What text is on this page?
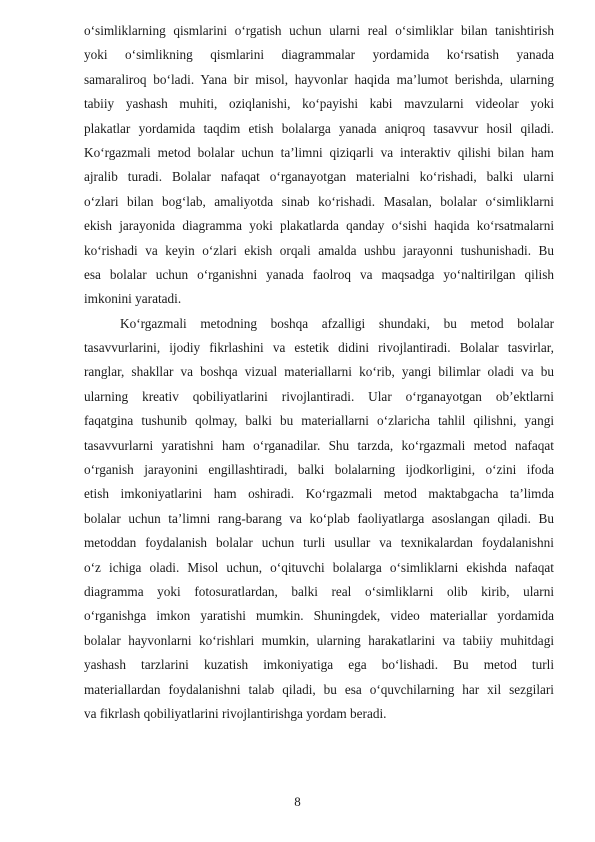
o‘simliklarning qismlarini o‘rgatish uchun ularni real o‘simliklar bilan tanishtirish
yoki o‘simlikning qismlarini diagrammalar yordamida ko‘rsatish yanada
samaraliroq bo‘ladi. Yana bir misol, hayvonlar haqida ma’lumot berishda, ularning
tabiiy yashash muhiti, oziqlanishi, ko‘payishi kabi mavzularni videolar yoki
plakatlar yordamida taqdim etish bolalarga yanada aniqroq tasavvur hosil qiladi.
Ko‘rgazmali metod bolalar uchun ta’limni qiziqarli va interaktiv qilishi bilan ham
ajralib turadi. Bolalar nafaqat o‘rganayotgan materialni ko‘rishadi, balki ularni
o‘zlari bilan bog‘lab, amaliyotda sinab ko‘rishadi. Masalan, bolalar o‘simliklarni
ekish jarayonida diagramma yoki plakatlarda qanday o‘sishi haqida ko‘rsatmalarni
ko‘rishadi va keyin o‘zlari ekish orqali amalda ushbu jarayonni tushunishadi. Bu
esa bolalar uchun o‘rganishni yanada faolroq va maqsadga yo‘naltirilgan qilish
imkonini yaratadi.
Ko‘rgazmali metodning boshqa afzalligi shundaki, bu metod bolalar
tasavvurlarini, ijodiy fikrlashini va estetik didini rivojlantiradi. Bolalar tasvirlar,
ranglar, shakllar va boshqa vizual materiallarni ko‘rib, yangi bilimlar oladi va bu
ularning kreativ qobiliyatlarini rivojlantiradi. Ular o‘rganayotgan ob’ektlarni
faqatgina tushunib qolmay, balki bu materiallarni o‘zlaricha tahlil qilishni, yangi
tasavvurlarni yaratishni ham o‘rganadilar. Shu tarzda, ko‘rgazmali metod nafaqat
o‘rganish jarayonini engillashtiradi, balki bolalarning ijodkorligini, o‘zini ifoda
etish imkoniyatlarini ham oshiradi. Ko‘rgazmali metod maktabgacha ta’limda
bolalar uchun ta’limni rang-barang va ko‘plab faoliyatlarga asoslangan qiladi. Bu
metoddan foydalanish bolalar uchun turli usullar va texnikalardan foydalanishni
o‘z ichiga oladi. Misol uchun, o‘qituvchi bolalarga o‘simliklarni ekishda nafaqat
diagramma yoki fotosuratlardan, balki real o‘simliklarni olib kirib, ularni
o‘rganishga imkon yaratishi mumkin. Shuningdek, video materiallar yordamida
bolalar hayvonlarni ko‘rishlari mumkin, ularning harakatlarini va tabiiy muhitdagi
yashash tarzlarini kuzatish imkoniyatiga ega bo‘lishadi. Bu metod turli
materiallardan foydalanishni talab qiladi, bu esa o‘quvchilarning har xil sezgilari
va fikrlash qobiliyatlarini rivojlantirishga yordam beradi.
8
